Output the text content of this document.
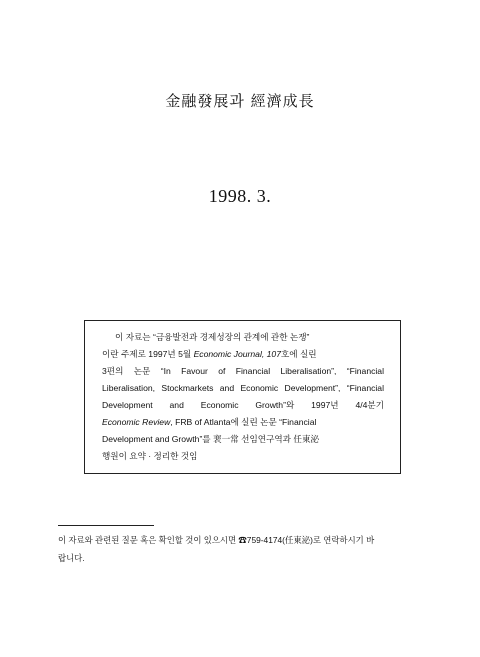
金融發展과 經濟成長
1998. 3.
이 자료는 “금융발전과 경제성장의 관계에 관한 논쟁”
이란 주제로 1997년 5월 Economic Journal, 107호에 실린
3편의 논문 “In Favour of Financial Liberalisation”, “Financial
Liberalisation, Stockmarkets and Economic Development”, “Financial
Development and Economic Growth”와 1997년 4/4분기
Economic Review, FRB of Atlanta에 실린 논문 “Financial
Development and Growth”를 裵一常 선임연구역과 任東泌
행원이 요약 · 정리한 것임
이 자료와 관련된 질문 혹은 확인할 것이 있으시면 ☎759-4174(任東泌)로 연락하시기 바
랍니다.
